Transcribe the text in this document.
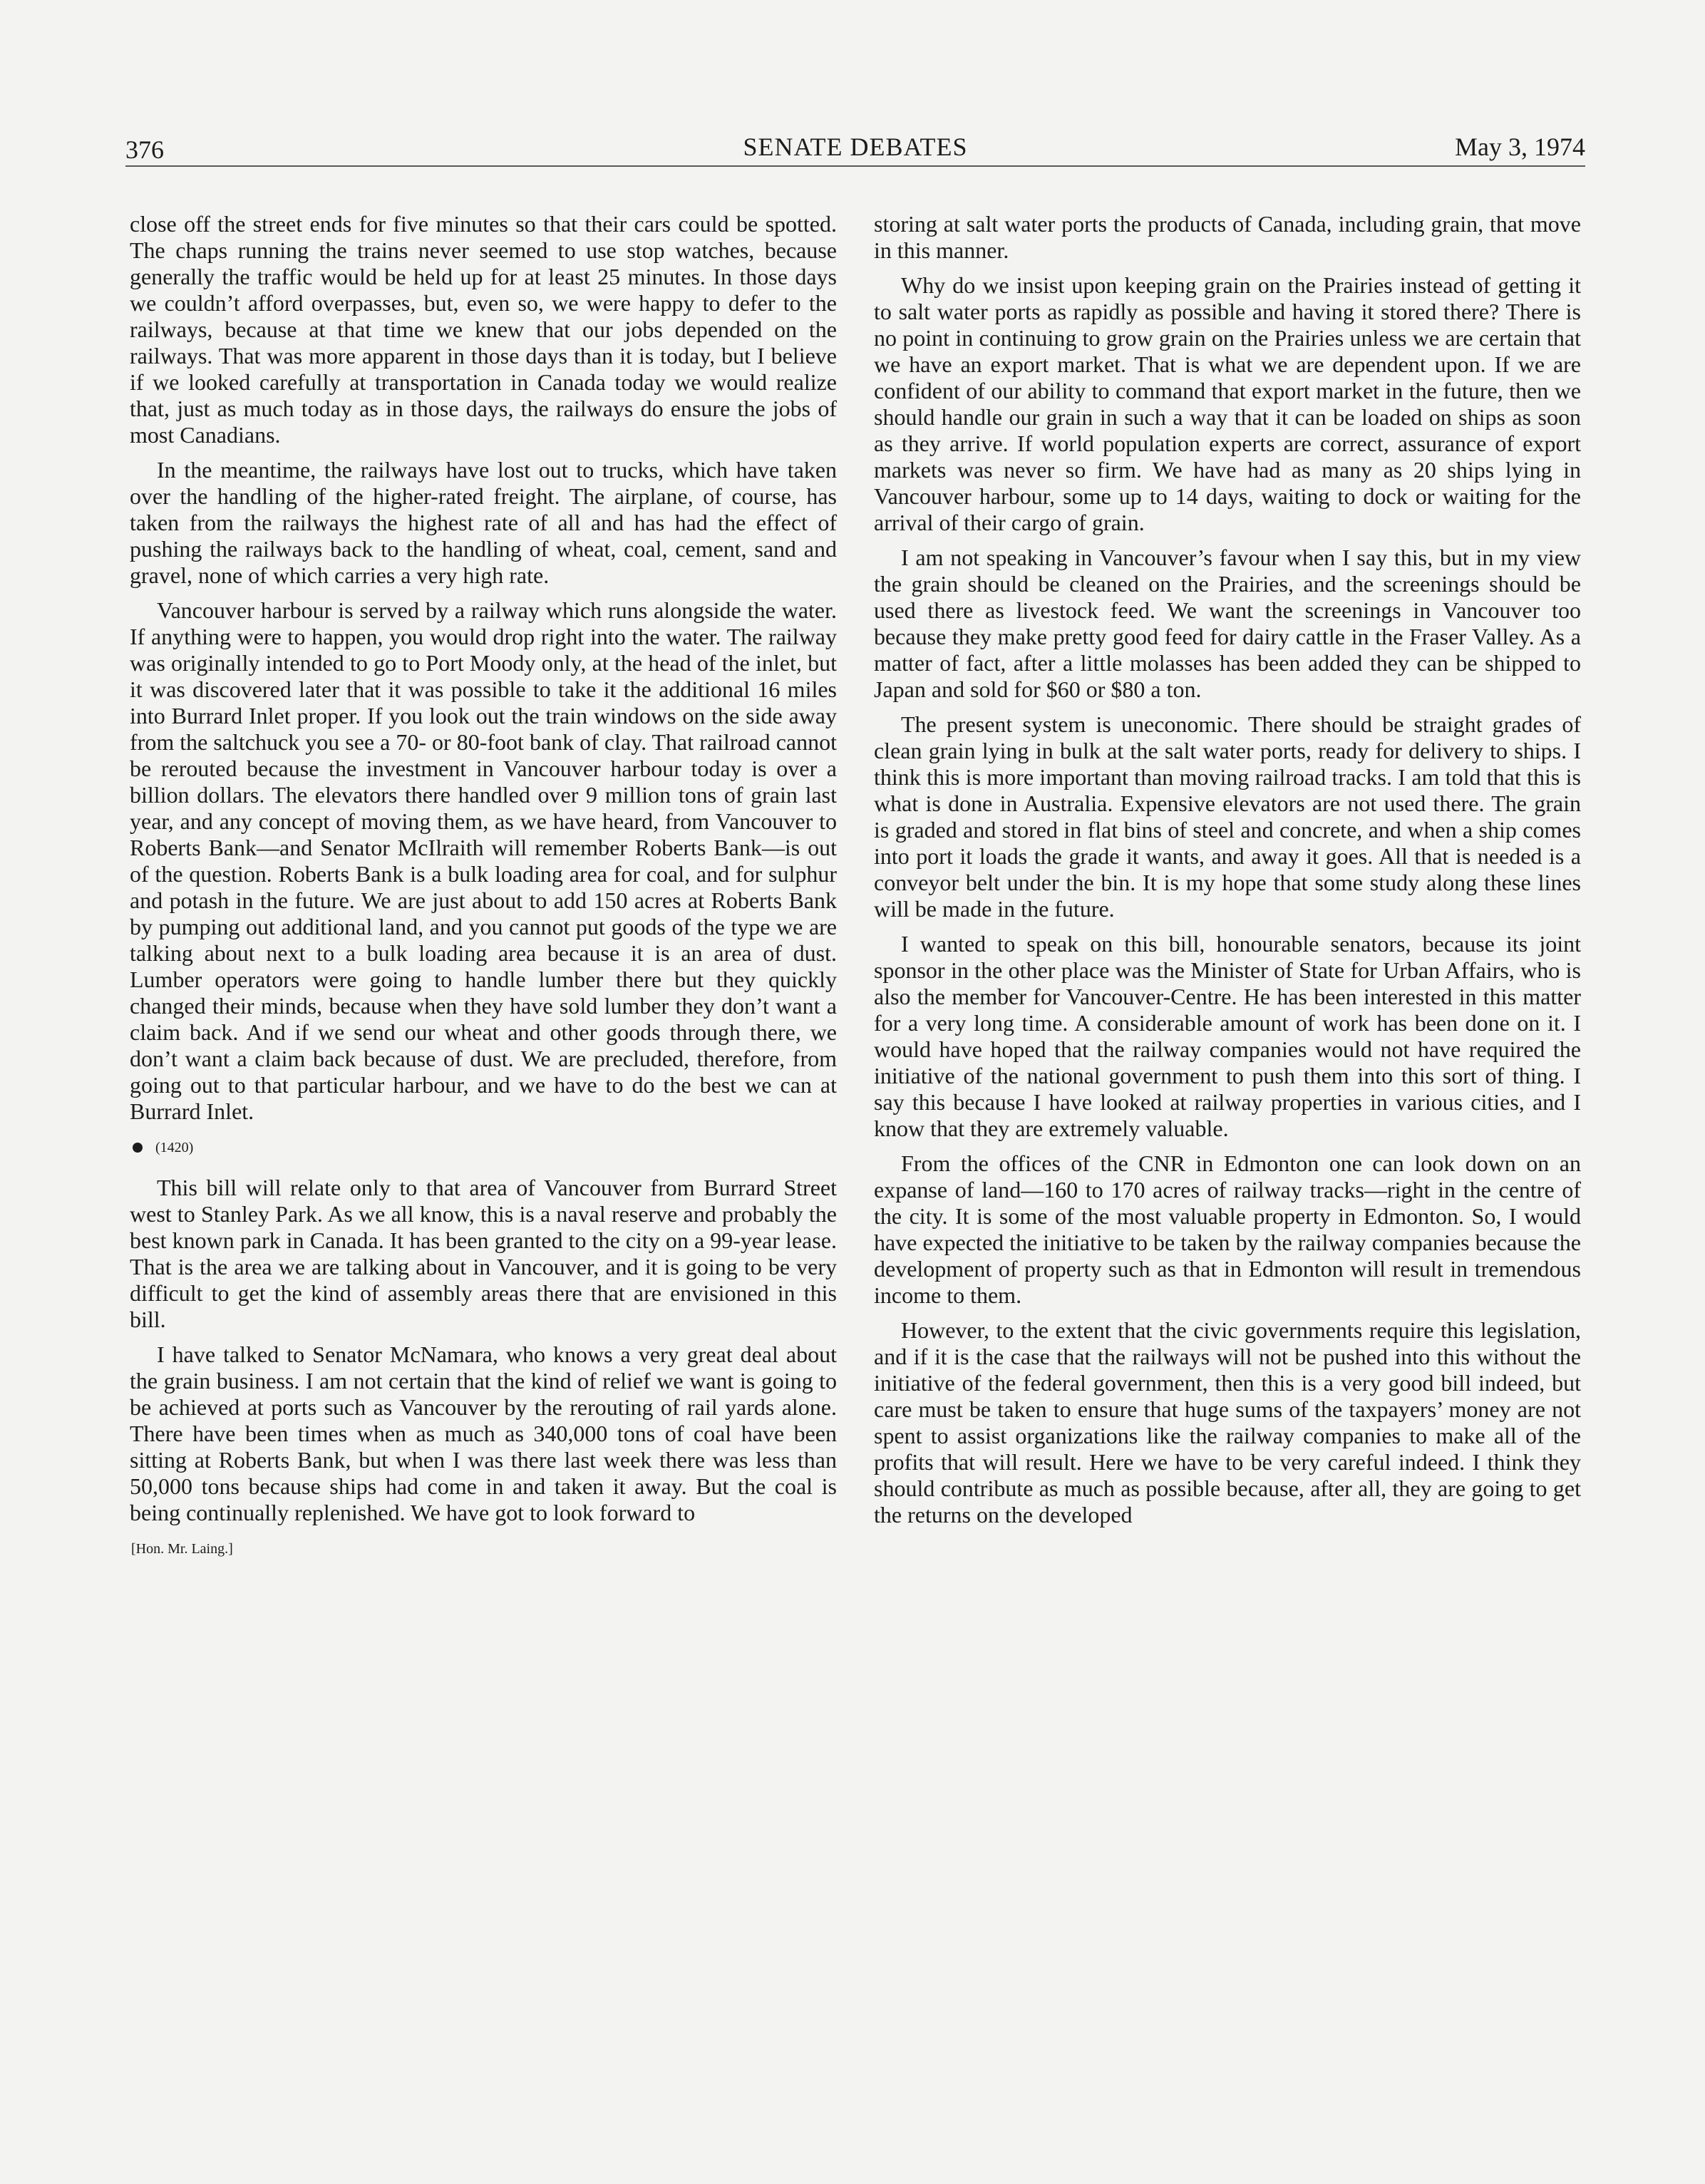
376	SENATE DEBATES	May 3, 1974

close off the street ends for five minutes so that their cars could be spotted. The chaps running the trains never seemed to use stop watches, because generally the traffic would be held up for at least 25 minutes. In those days we couldn’t afford overpasses, but, even so, we were happy to defer to the railways, because at that time we knew that our jobs depended on the railways. That was more apparent in those days than it is today, but I believe if we looked carefully at transportation in Canada today we would realize that, just as much today as in those days, the railways do ensure the jobs of most Canadians.

In the meantime, the railways have lost out to trucks, which have taken over the handling of the higher-rated freight. The airplane, of course, has taken from the railways the highest rate of all and has had the effect of pushing the railways back to the handling of wheat, coal, cement, sand and gravel, none of which carries a very high rate.

Vancouver harbour is served by a railway which runs alongside the water. If anything were to happen, you would drop right into the water. The railway was originally intended to go to Port Moody only, at the head of the inlet, but it was discovered later that it was possible to take it the additional 16 miles into Burrard Inlet proper. If you look out the train windows on the side away from the saltchuck you see a 70- or 80-foot bank of clay. That railroad cannot be rerouted because the investment in Vancouver harbour today is over a billion dollars. The elevators there handled over 9 million tons of grain last year, and any concept of moving them, as we have heard, from Vancouver to Roberts Bank—and Senator McIlraith will remember Roberts Bank—is out of the question. Roberts Bank is a bulk loading area for coal, and for sulphur and potash in the future. We are just about to add 150 acres at Roberts Bank by pumping out additional land, and you cannot put goods of the type we are talking about next to a bulk loading area because it is an area of dust. Lumber operators were going to handle lumber there but they quickly changed their minds, because when they have sold lumber they don’t want a claim back. And if we send our wheat and other goods through there, we don’t want a claim back because of dust. We are precluded, therefore, from going out to that particular harbour, and we have to do the best we can at Burrard Inlet.

(1420)

This bill will relate only to that area of Vancouver from Burrard Street west to Stanley Park. As we all know, this is a naval reserve and probably the best known park in Canada. It has been granted to the city on a 99-year lease. That is the area we are talking about in Vancouver, and it is going to be very difficult to get the kind of assembly areas there that are envisioned in this bill.

I have talked to Senator McNamara, who knows a very great deal about the grain business. I am not certain that the kind of relief we want is going to be achieved at ports such as Vancouver by the rerouting of rail yards alone. There have been times when as much as 340,000 tons of coal have been sitting at Roberts Bank, but when I was there last week there was less than 50,000 tons because ships had come in and taken it away. But the coal is being continually replenished. We have got to look forward to

[Hon. Mr. Laing.]

storing at salt water ports the products of Canada, including grain, that move in this manner.

Why do we insist upon keeping grain on the Prairies instead of getting it to salt water ports as rapidly as possible and having it stored there? There is no point in continuing to grow grain on the Prairies unless we are certain that we have an export market. That is what we are dependent upon. If we are confident of our ability to command that export market in the future, then we should handle our grain in such a way that it can be loaded on ships as soon as they arrive. If world population experts are correct, assurance of export markets was never so firm. We have had as many as 20 ships lying in Vancouver harbour, some up to 14 days, waiting to dock or waiting for the arrival of their cargo of grain.

I am not speaking in Vancouver’s favour when I say this, but in my view the grain should be cleaned on the Prairies, and the screenings should be used there as livestock feed. We want the screenings in Vancouver too because they make pretty good feed for dairy cattle in the Fraser Valley. As a matter of fact, after a little molasses has been added they can be shipped to Japan and sold for $60 or $80 a ton.

The present system is uneconomic. There should be straight grades of clean grain lying in bulk at the salt water ports, ready for delivery to ships. I think this is more important than moving railroad tracks. I am told that this is what is done in Australia. Expensive elevators are not used there. The grain is graded and stored in flat bins of steel and concrete, and when a ship comes into port it loads the grade it wants, and away it goes. All that is needed is a conveyor belt under the bin. It is my hope that some study along these lines will be made in the future.

I wanted to speak on this bill, honourable senators, because its joint sponsor in the other place was the Minister of State for Urban Affairs, who is also the member for Vancouver-Centre. He has been interested in this matter for a very long time. A considerable amount of work has been done on it. I would have hoped that the railway companies would not have required the initiative of the national government to push them into this sort of thing. I say this because I have looked at railway properties in various cities, and I know that they are extremely valuable.

From the offices of the CNR in Edmonton one can look down on an expanse of land—160 to 170 acres of railway tracks—right in the centre of the city. It is some of the most valuable property in Edmonton. So, I would have expected the initiative to be taken by the railway companies because the development of property such as that in Edmonton will result in tremendous income to them.

However, to the extent that the civic governments require this legislation, and if it is the case that the railways will not be pushed into this without the initiative of the federal government, then this is a very good bill indeed, but care must be taken to ensure that huge sums of the taxpayers’ money are not spent to assist organizations like the railway companies to make all of the profits that will result. Here we have to be very careful indeed. I think they should contribute as much as possible because, after all, they are going to get the returns on the developed
